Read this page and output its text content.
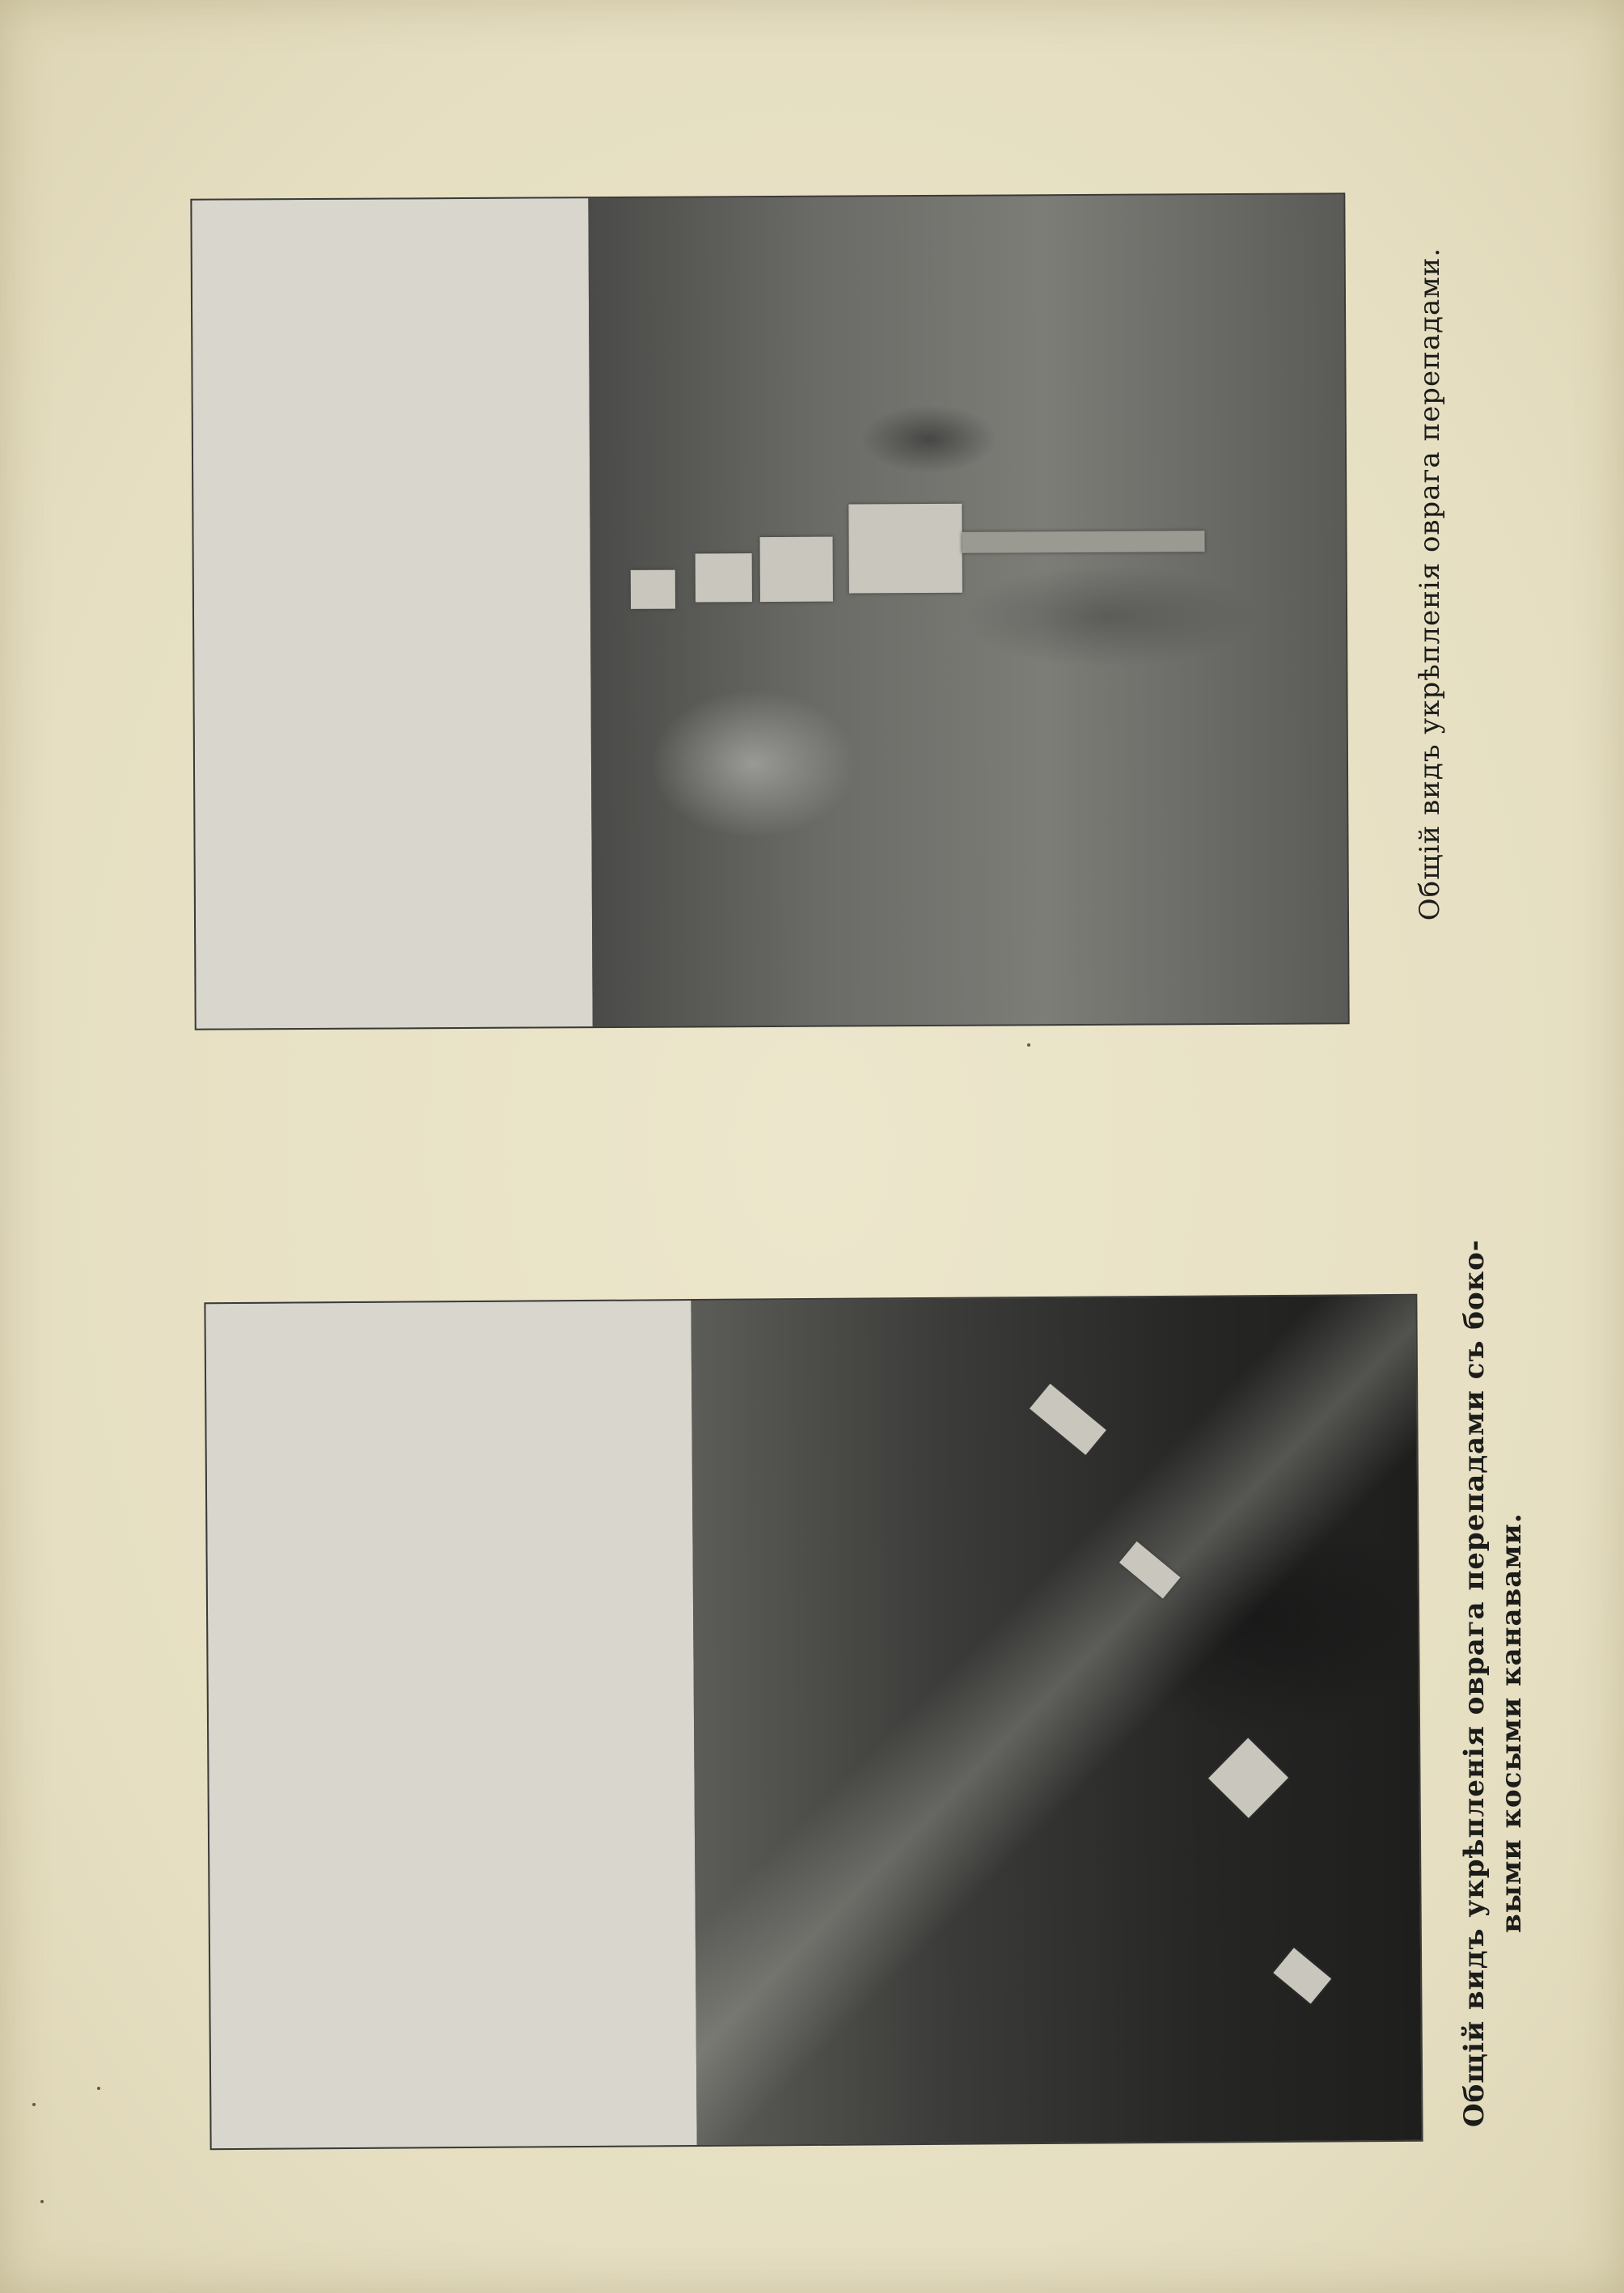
Общій видъ укрѣпленія оврага перепадами.
Общій видъ укрѣпленія оврага перепадами съ боко- выми косыми канавами.
